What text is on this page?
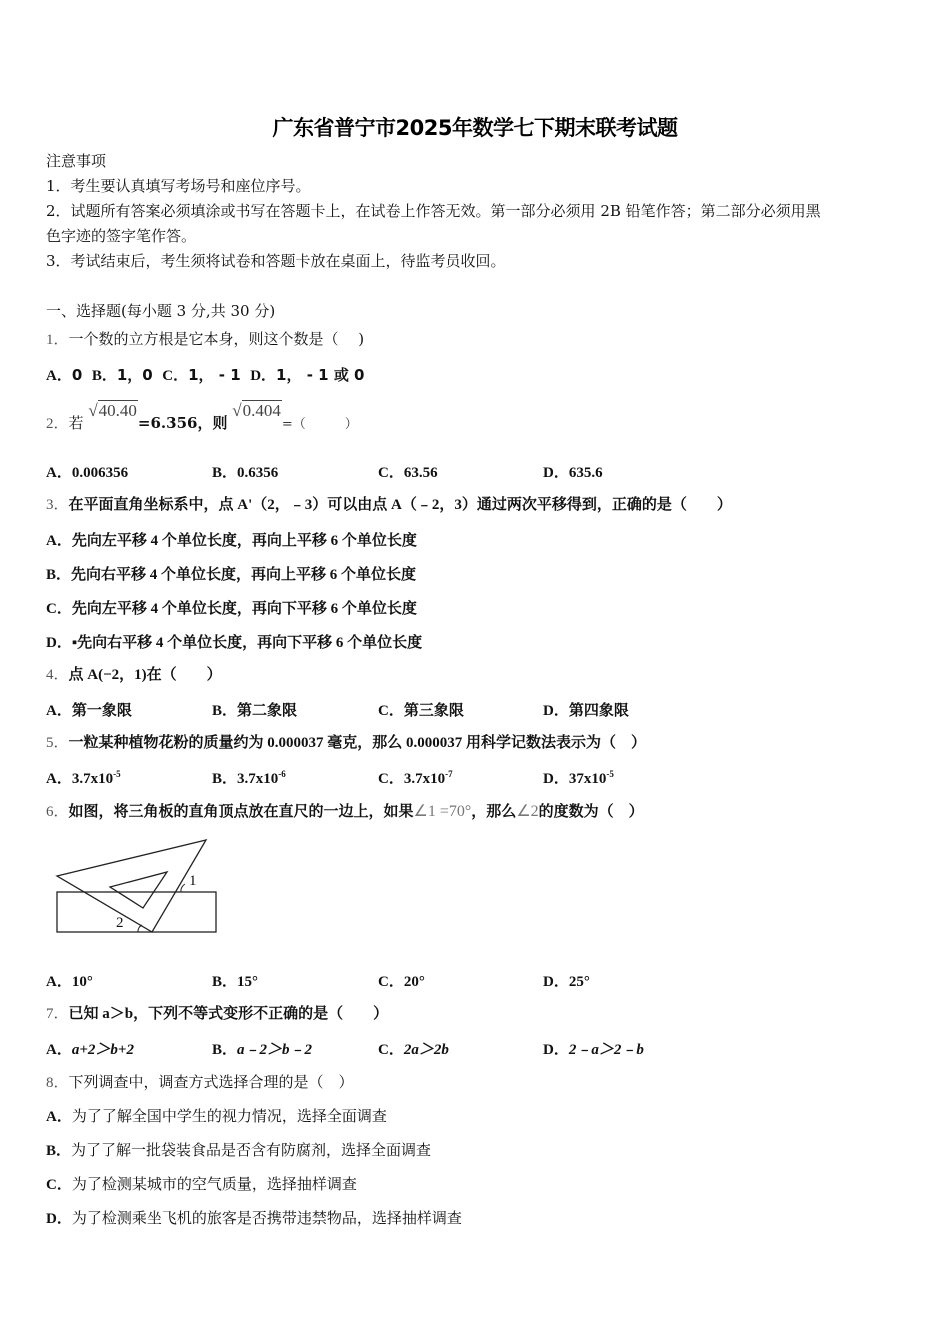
广东省普宁市2025年数学七下期末联考试题
注意事项
1．考生要认真填写考场号和座位序号。
2．试题所有答案必须填涂或书写在答题卡上，在试卷上作答无效。第一部分必须用 2B 铅笔作答；第二部分必须用黑
色字迹的签字笔作答。
3．考试结束后，考生须将试卷和答题卡放在桌面上，待监考员收回。
一、选择题(每小题 3 分,共 30 分)
1．一个数的立方根是它本身，则这个数是（　 )
A．0 B．1，0 C．1， - 1 D．1， - 1 或 0
2．若 √40.40=6.356，则 √0.404=（　　　）
A．0.006356	B．0.6356	C．63.56	D．635.6
3．在平面直角坐标系中，点 A'（2，﹣3）可以由点 A（﹣2，3）通过两次平移得到，正确的是（　　）
A．先向左平移 4 个单位长度，再向上平移 6 个单位长度
B．先向右平移 4 个单位长度，再向上平移 6 个单位长度
C．先向左平移 4 个单位长度，再向下平移 6 个单位长度
D．▪先向右平移 4 个单位长度，再向下平移 6 个单位长度
4．点 A(−2，1)在（　　）
A．第一象限	B．第二象限	C．第三象限	D．第四象限
5．一粒某种植物花粉的质量约为 0.000037 毫克，那么 0.000037 用科学记数法表示为（　）
A．$3.7x10^{-5}$	B．$3.7x10^{-6}$	C．$3.7x10^{-7}$	D．$37x10^{-5}$
6．如图，将三角板的直角顶点放在直尺的一边上，如果∠1 =70°，那么∠2的度数为（　）
1
2
A．10°	B．15°	C．20°	D．25°
7．已知 a＞b，下列不等式变形不正确的是（　　）
A．a+2＞b+2	B．a﹣2＞b﹣2	C．2a＞2b	D．2﹣a＞2﹣b
8．下列调查中，调查方式选择合理的是（　）
A．为了了解全国中学生的视力情况，选择全面调查
B．为了了解一批袋装食品是否含有防腐剂，选择全面调查
C．为了检测某城市的空气质量，选择抽样调查
D．为了检测乘坐飞机的旅客是否携带违禁物品，选择抽样调查
